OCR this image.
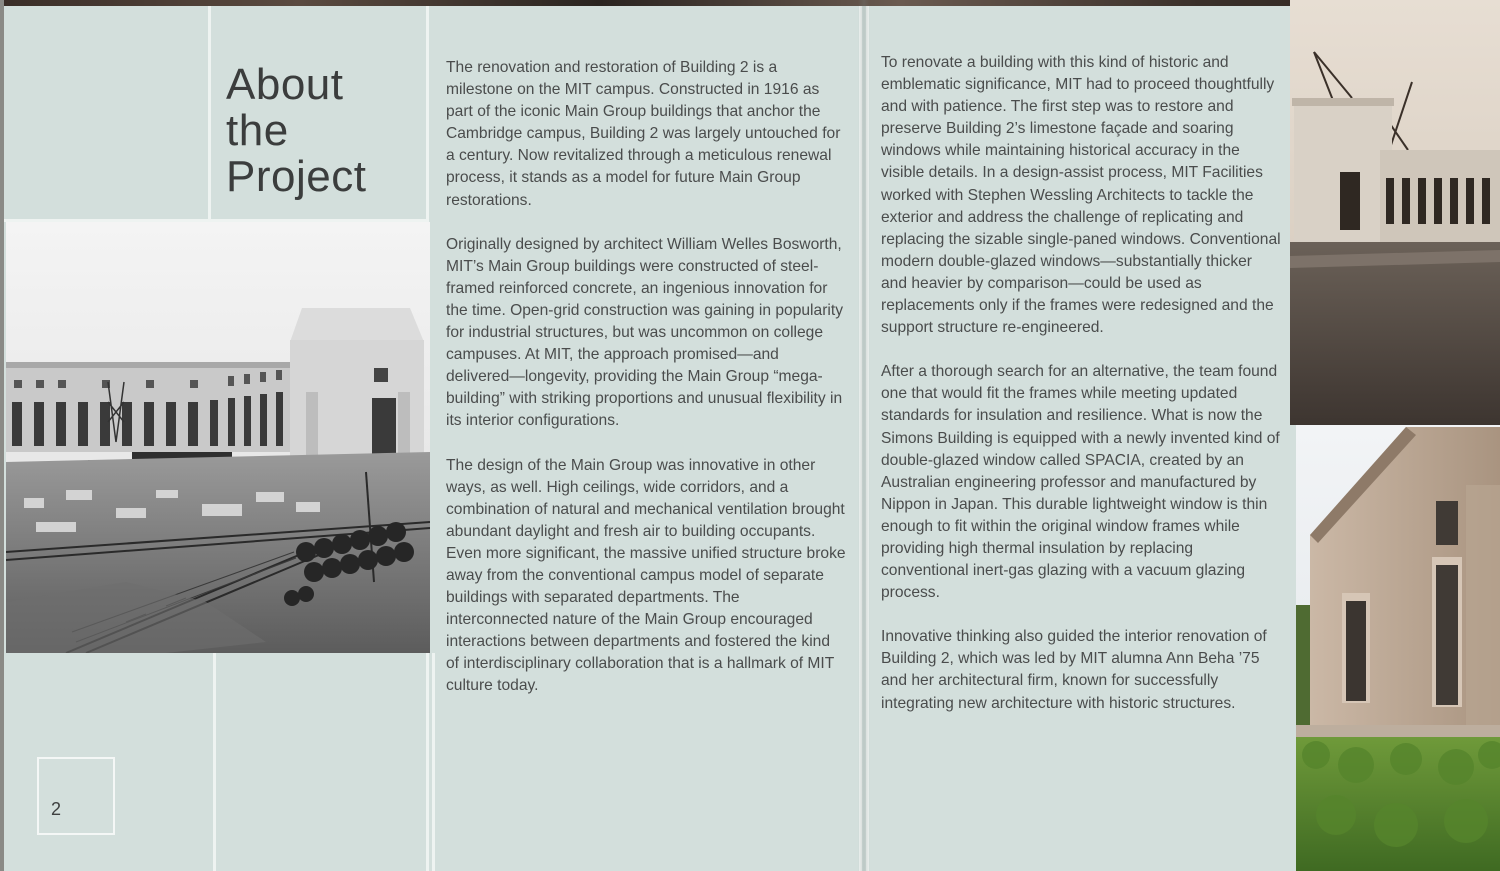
About
the
Project

The renovation and restoration of Building 2 is a milestone on the MIT campus. Constructed in 1916 as part of the iconic Main Group buildings that anchor the Cambridge campus, Building 2 was largely untouched for a century. Now revitalized through a meticulous renewal process, it stands as a model for future Main Group restorations.

Originally designed by architect William Welles Bosworth, MIT’s Main Group buildings were constructed of steel-framed reinforced concrete, an ingenious innovation for the time. Open-grid construction was gaining in popularity for industrial structures, but was uncommon on college campuses. At MIT, the approach promised—and delivered—longevity, providing the Main Group “mega-building” with striking proportions and unusual flexibility in its interior configurations.

The design of the Main Group was innovative in other ways, as well. High ceilings, wide corridors, and a combination of natural and mechanical ventilation brought abundant daylight and fresh air to building occupants. Even more significant, the massive unified structure broke away from the conventional campus model of separate buildings with separated departments. The interconnected nature of the Main Group encouraged interactions between departments and fostered the kind of interdisciplinary collaboration that is a hallmark of MIT culture today.

To renovate a building with this kind of historic and emblematic significance, MIT had to proceed thoughtfully and with patience. The first step was to restore and preserve Building 2’s limestone façade and soaring windows while maintaining historical accuracy in the visible details. In a design-assist process, MIT Facilities worked with Stephen Wessling Architects to tackle the exterior and address the challenge of replicating and replacing the sizable single-paned windows. Conventional modern double-glazed windows—substantially thicker and heavier by comparison—could be used as replacements only if the frames were redesigned and the support structure re-engineered.

After a thorough search for an alternative, the team found one that would fit the frames while meeting updated standards for insulation and resilience. What is now the Simons Building is equipped with a newly invented kind of double-glazed window called SPACIA, created by an Australian engineering professor and manufactured by Nippon in Japan. This durable lightweight window is thin enough to fit within the original window frames while providing high thermal insulation by replacing conventional inert-gas glazing with a vacuum glazing process.

Innovative thinking also guided the interior renovation of Building 2, which was led by MIT alumna Ann Beha ’75 and her architectural firm, known for successfully integrating new architecture with historic structures.

2
